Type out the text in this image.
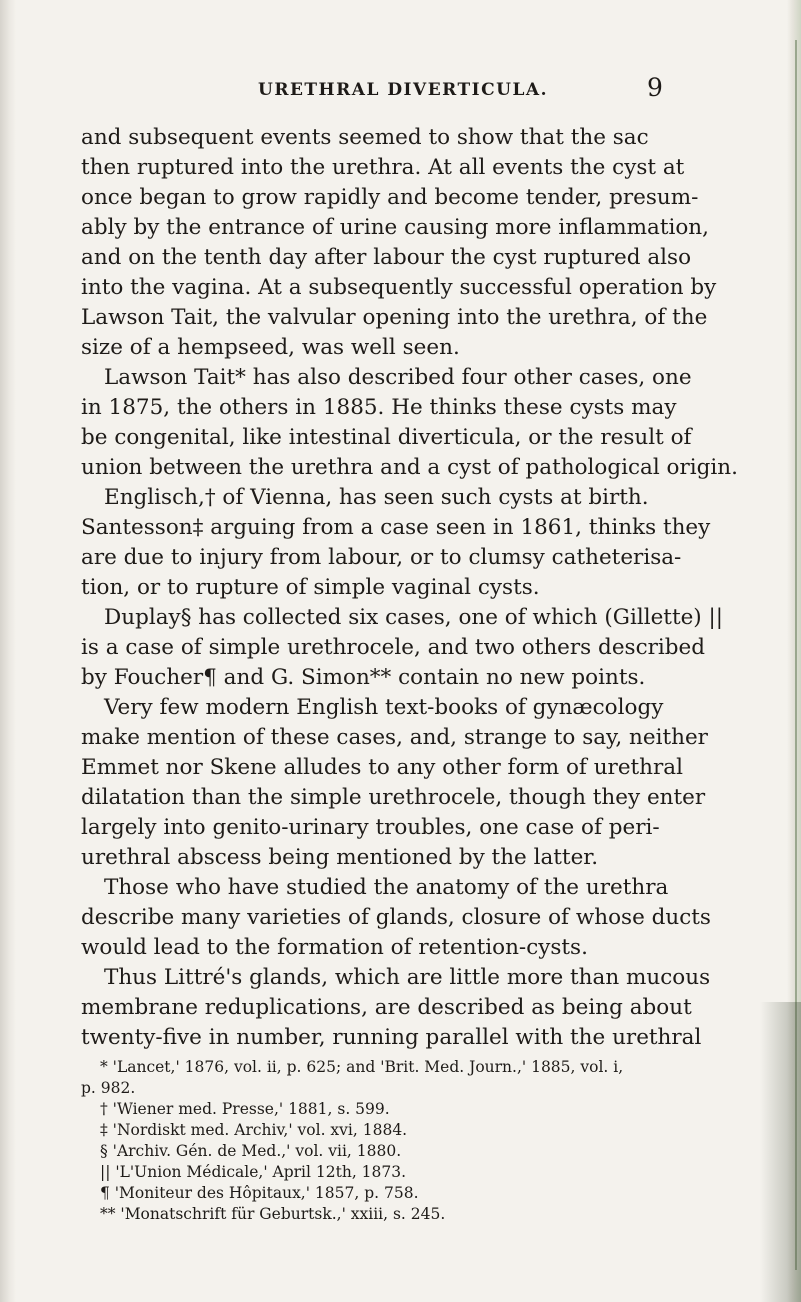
URETHRAL DIVERTICULA.	9
and subsequent events seemed to show that the sac
then ruptured into the urethra. At all events the cyst at
once began to grow rapidly and become tender, presum-
ably by the entrance of urine causing more inflammation,
and on the tenth day after labour the cyst ruptured also
into the vagina. At a subsequently successful operation by
Lawson Tait, the valvular opening into the urethra, of the
size of a hempseed, was well seen.
Lawson Tait* has also described four other cases, one
in 1875, the others in 1885. He thinks these cysts may
be congenital, like intestinal diverticula, or the result of
union between the urethra and a cyst of pathological origin.
Englisch,† of Vienna, has seen such cysts at birth.
Santesson‡ arguing from a case seen in 1861, thinks they
are due to injury from labour, or to clumsy catheterisa-
tion, or to rupture of simple vaginal cysts.
Duplay§ has collected six cases, one of which (Gillette) ||
is a case of simple urethrocele, and two others described
by Foucher¶ and G. Simon** contain no new points.
Very few modern English text-books of gynæcology
make mention of these cases, and, strange to say, neither
Emmet nor Skene alludes to any other form of urethral
dilatation than the simple urethrocele, though they enter
largely into genito-urinary troubles, one case of peri-
urethral abscess being mentioned by the latter.
Those who have studied the anatomy of the urethra
describe many varieties of glands, closure of whose ducts
would lead to the formation of retention-cysts.
Thus Littré's glands, which are little more than mucous
membrane reduplications, are described as being about
twenty-five in number, running parallel with the urethral
* 'Lancet,' 1876, vol. ii, p. 625; and 'Brit. Med. Journ.,' 1885, vol. i,
p. 982.
† 'Wiener med. Presse,' 1881, s. 599.
‡ 'Nordiskt med. Archiv,' vol. xvi, 1884.
§ 'Archiv. Gén. de Med.,' vol. vii, 1880.
|| 'L'Union Médicale,' April 12th, 1873.
¶ 'Moniteur des Hôpitaux,' 1857, p. 758.
** 'Monatschrift für Geburtsk.,' xxiii, s. 245.
